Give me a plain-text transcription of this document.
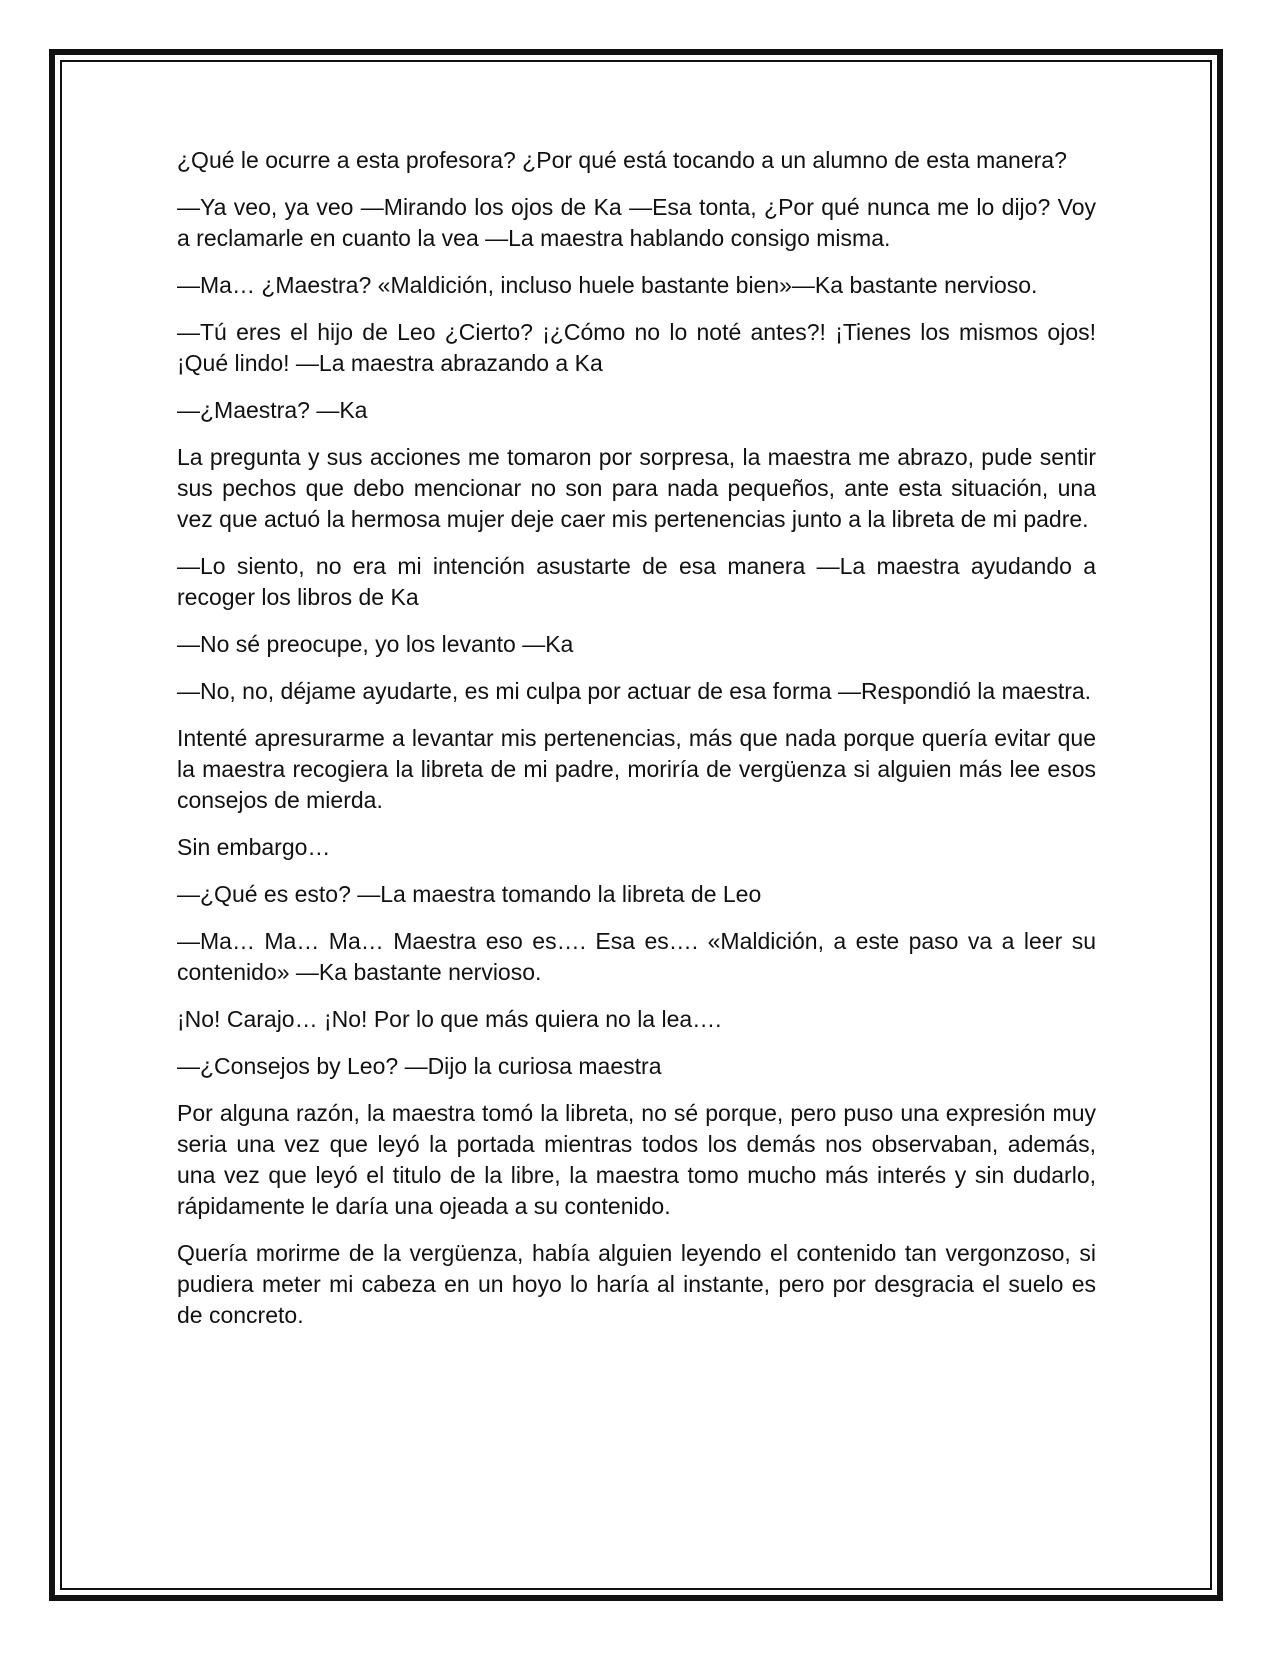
¿Qué le ocurre a esta profesora? ¿Por qué está tocando a un alumno de esta manera?

—Ya veo, ya veo —Mirando los ojos de Ka —Esa tonta, ¿Por qué nunca me lo dijo? Voy a reclamarle en cuanto la vea —La maestra hablando consigo misma.

—Ma… ¿Maestra? «Maldición, incluso huele bastante bien»—Ka bastante nervioso.

—Tú eres el hijo de Leo ¿Cierto? ¡¿Cómo no lo noté antes?! ¡Tienes los mismos ojos! ¡Qué lindo! —La maestra abrazando a Ka

—¿Maestra? —Ka

La pregunta y sus acciones me tomaron por sorpresa, la maestra me abrazo, pude sentir sus pechos que debo mencionar no son para nada pequeños, ante esta situación, una vez que actuó la hermosa mujer deje caer mis pertenencias junto a la libreta de mi padre.

—Lo siento, no era mi intención asustarte de esa manera —La maestra ayudando a recoger los libros de Ka

—No sé preocupe, yo los levanto —Ka

—No, no, déjame ayudarte, es mi culpa por actuar de esa forma —Respondió la maestra.

Intenté apresurarme a levantar mis pertenencias, más que nada porque quería evitar que la maestra recogiera la libreta de mi padre, moriría de vergüenza si alguien más lee esos consejos de mierda.

Sin embargo…

—¿Qué es esto? —La maestra tomando la libreta de Leo

—Ma… Ma… Ma… Maestra eso es…. Esa es…. «Maldición, a este paso va a leer su contenido» —Ka bastante nervioso.

¡No! Carajo… ¡No! Por lo que más quiera no la lea….

—¿Consejos by Leo? —Dijo la curiosa maestra

Por alguna razón, la maestra tomó la libreta, no sé porque, pero puso una expresión muy seria una vez que leyó la portada mientras todos los demás nos observaban, además, una vez que leyó el titulo de la libre, la maestra tomo mucho más interés y sin dudarlo, rápidamente le daría una ojeada a su contenido.

Quería morirme de la vergüenza, había alguien leyendo el contenido tan vergonzoso, si pudiera meter mi cabeza en un hoyo lo haría al instante, pero por desgracia el suelo es de concreto.
